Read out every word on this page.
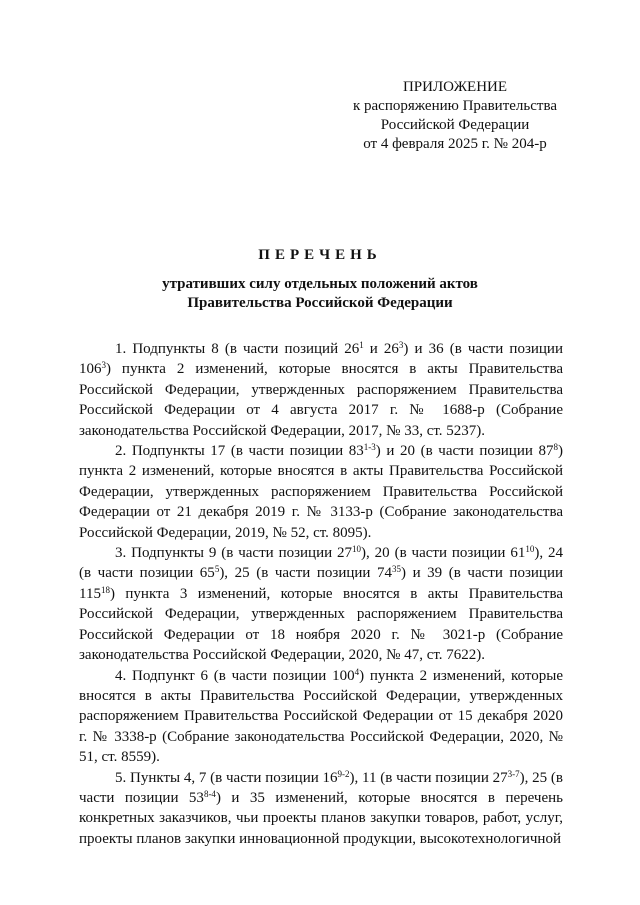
ПРИЛОЖЕНИЕ
к распоряжению Правительства
Российской Федерации
от 4 февраля 2025 г. № 204-р
ПЕРЕЧЕНЬ
утративших силу отдельных положений актов
Правительства Российской Федерации

1. Подпункты 8 (в части позиций $26^1$ и $26^3$) и 36 (в части позиции $106^3$) пункта 2 изменений, которые вносятся в акты Правительства Российской Федерации, утвержденных распоряжением Правительства Российской Федерации от 4 августа 2017 г. № 1688-р (Собрание законодательства Российской Федерации, 2017, № 33, ст. 5237).

2. Подпункты 17 (в части позиции 83$^{1-3}$) и 20 (в части позиции $87^8$) пункта 2 изменений, которые вносятся в акты Правительства Российской Федерации, утвержденных распоряжением Правительства Российской Федерации от 21 декабря 2019 г. № 3133-р (Собрание законодательства Российской Федерации, 2019, № 52, ст. 8095).

3. Подпункты 9 (в части позиции $27^{10}$), 20 (в части позиции $61^{10}$), 24 (в части позиции $65^5$), 25 (в части позиции $74^{35}$) и 39 (в части позиции $115^{18}$) пункта 3 изменений, которые вносятся в акты Правительства Российской Федерации, утвержденных распоряжением Правительства Российской Федерации от 18 ноября 2020 г. № 3021-р (Собрание законодательства Российской Федерации, 2020, № 47, ст. 7622).

4. Подпункт 6 (в части позиции $100^4$) пункта 2 изменений, которые вносятся в акты Правительства Российской Федерации, утвержденных распоряжением Правительства Российской Федерации от 15 декабря 2020 г. № 3338-р (Собрание законодательства Российской Федерации, 2020, № 51, ст. 8559).

5. Пункты 4, 7 (в части позиции 16$^{9-2}$), 11 (в части позиции 27$^{3-7}$), 25 (в части позиции 53$^{8-4}$) и 35 изменений, которые вносятся в перечень конкретных заказчиков, чьи проекты планов закупки товаров, работ, услуг, проекты планов закупки инновационной продукции, высокотехнологичной
